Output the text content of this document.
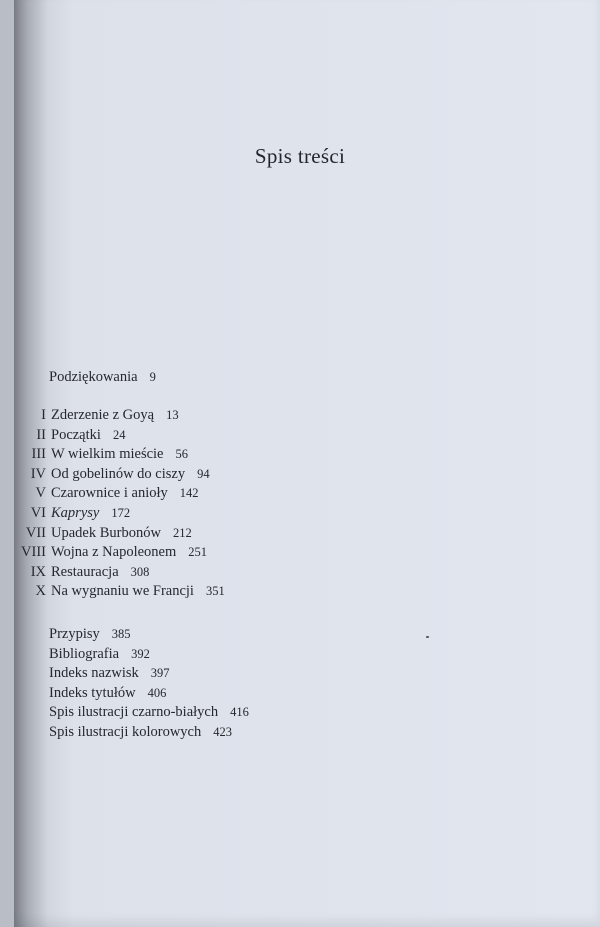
Spis treści
Podziękowania 9
I Zderzenie z Goyą 13
II Początki 24
III W wielkim mieście 56
IV Od gobelinów do ciszy 94
V Czarownice i anioły 142
VI Kaprysy 172
VII Upadek Burbonów 212
VIII Wojna z Napoleonem 251
IX Restauracja 308
X Na wygnaniu we Francji 351
Przypisy 385
Bibliografia 392
Indeks nazwisk 397
Indeks tytułów 406
Spis ilustracji czarno-białych 416
Spis ilustracji kolorowych 423
